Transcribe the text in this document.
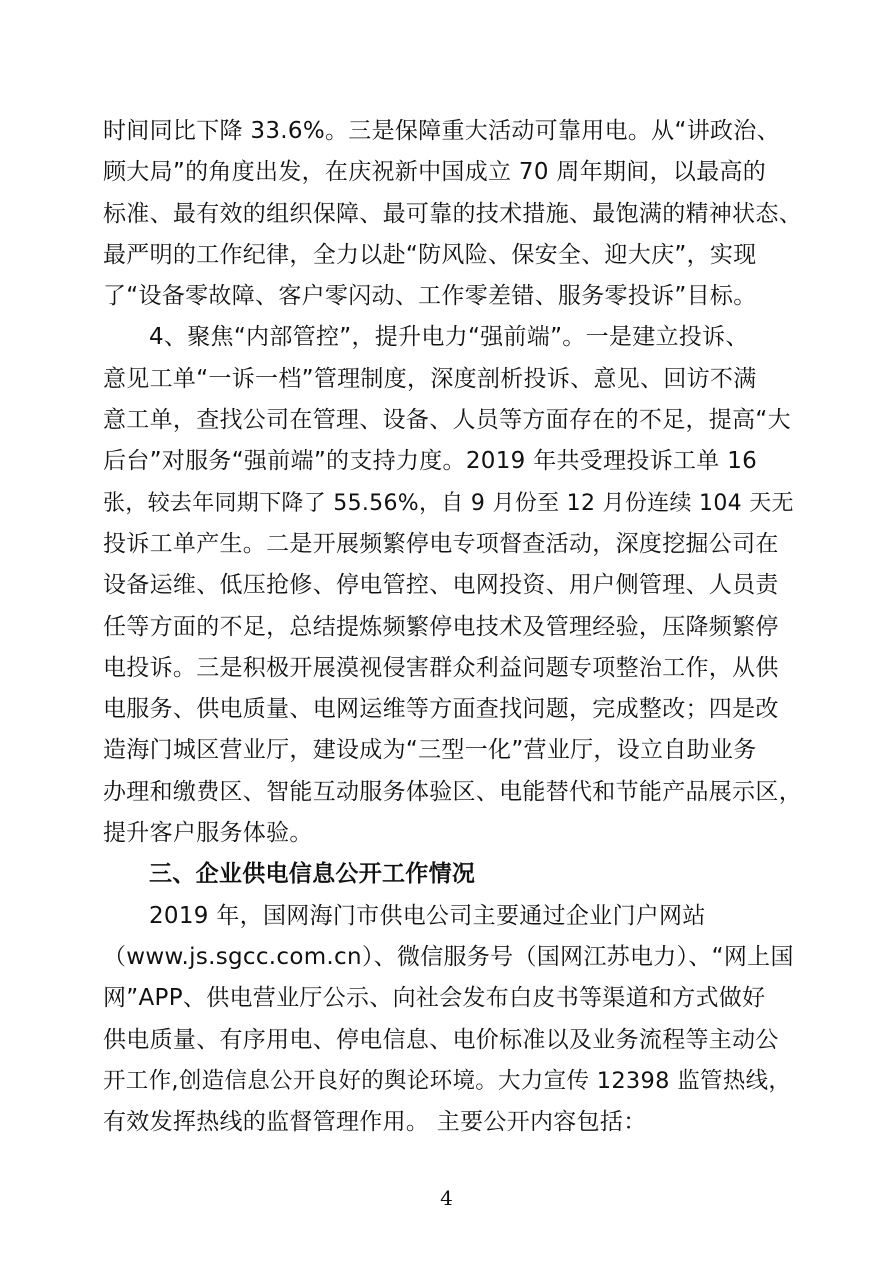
时间同比下降 33.6%。三是保障重大活动可靠用电。从“讲政治、
顾大局”的角度出发，在庆祝新中国成立 70 周年期间，以最高的
标准、最有效的组织保障、最可靠的技术措施、最饱满的精神状态、
最严明的工作纪律，全力以赴“防风险、保安全、迎大庆”，实现
了“设备零故障、客户零闪动、工作零差错、服务零投诉”目标。
4、聚焦“内部管控”，提升电力“强前端”。一是建立投诉、
意见工单“一诉一档”管理制度，深度剖析投诉、意见、回访不满
意工单，查找公司在管理、设备、人员等方面存在的不足，提高“大
后台”对服务“强前端”的支持力度。2019 年共受理投诉工单 16
张，较去年同期下降了 55.56%，自 9 月份至 12 月份连续 104 天无
投诉工单产生。二是开展频繁停电专项督查活动，深度挖掘公司在
设备运维、低压抢修、停电管控、电网投资、用户侧管理、人员责
任等方面的不足，总结提炼频繁停电技术及管理经验，压降频繁停
电投诉。三是积极开展漠视侵害群众利益问题专项整治工作，从供
电服务、供电质量、电网运维等方面查找问题，完成整改；四是改
造海门城区营业厅，建设成为“三型一化”营业厅，设立自助业务
办理和缴费区、智能互动服务体验区、电能替代和节能产品展示区，
提升客户服务体验。
三、企业供电信息公开工作情况
2019 年，国网海门市供电公司主要通过企业门户网站
（www.js.sgcc.com.cn）、微信服务号（国网江苏电力）、“网上国
网”APP、供电营业厅公示、向社会发布白皮书等渠道和方式做好
供电质量、有序用电、停电信息、电价标准以及业务流程等主动公
开工作,创造信息公开良好的舆论环境。大力宣传 12398 监管热线，
有效发挥热线的监督管理作用。 主要公开内容包括：
4
